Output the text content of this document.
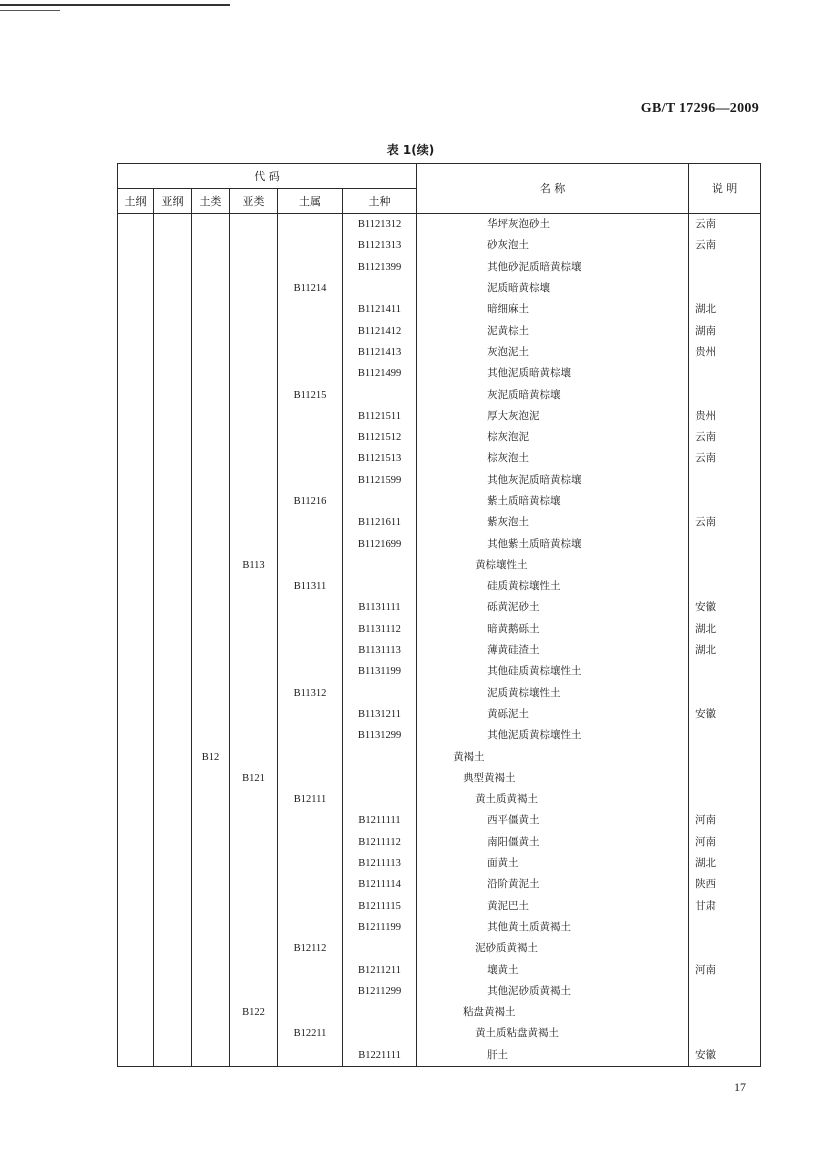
GB/T 17296—2009
表 1(续)
代 码						名 称	说 明
土纲	亚纲	土类	亚类	土属	土种		
					B1121312	华坪灰泡砂土	云南
					B1121313	砂灰泡土	云南
					B1121399	其他砂泥质暗黄棕壤	
				B11214		泥质暗黄棕壤	
					B1121411	暗细麻土	湖北
					B1121412	泥黄棕土	湖南
					B1121413	灰泡泥土	贵州
					B1121499	其他泥质暗黄棕壤	
				B11215		灰泥质暗黄棕壤	
					B1121511	厚大灰泡泥	贵州
					B1121512	棕灰泡泥	云南
					B1121513	棕灰泡土	云南
					B1121599	其他灰泥质暗黄棕壤	
				B11216		紫土质暗黄棕壤	
					B1121611	紫灰泡土	云南
					B1121699	其他紫土质暗黄棕壤	
			B113			黄棕壤性土	
				B11311		硅质黄棕壤性土	
					B1131111	砾黄泥砂土	安徽
					B1131112	暗黄鹅砾土	湖北
					B1131113	薄黄硅渣土	湖北
					B1131199	其他硅质黄棕壤性土	
				B11312		泥质黄棕壤性土	
					B1131211	黄砾泥土	安徽
					B1131299	其他泥质黄棕壤性土	
		B12				黄褐土	
			B121			典型黄褐土	
				B12111		黄土质黄褐土	
					B1211111	西平僵黄土	河南
					B1211112	南阳僵黄土	河南
					B1211113	面黄土	湖北
					B1211114	沿阶黄泥土	陕西
					B1211115	黄泥巴土	甘肃
					B1211199	其他黄土质黄褐土	
				B12112		泥砂质黄褐土	
					B1211211	壤黄土	河南
					B1211299	其他泥砂质黄褐土	
			B122			粘盘黄褐土	
				B12211		黄土质粘盘黄褐土	
					B1221111	肝土	安徽
17
